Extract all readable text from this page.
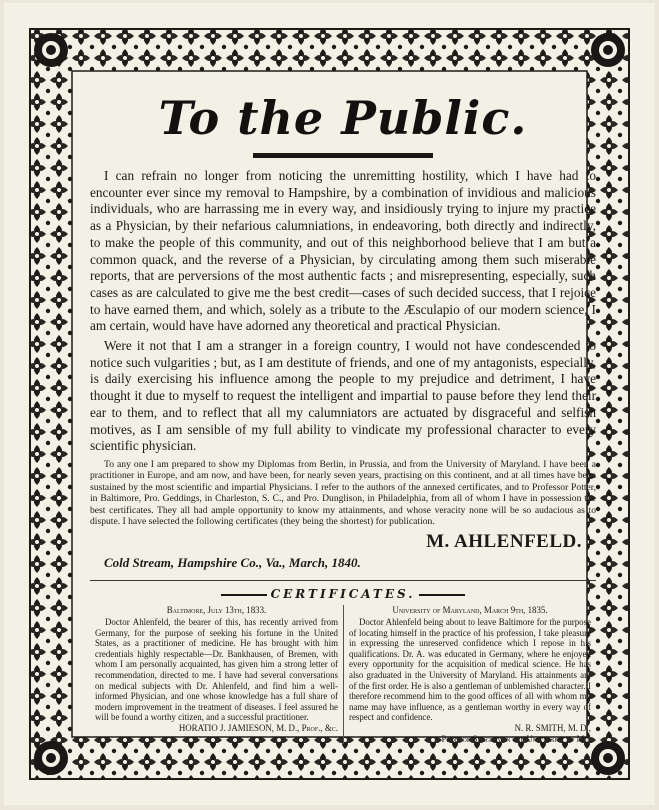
To the Public.

I can refrain no longer from noticing the unremitting hostility, which I have had to encounter ever since my removal to Hampshire, by a combination of invidious and malicious individuals, who are harrassing me in every way, and insidiously trying to injure my practice as a Physician, by their nefarious calumniations, in endeavoring, both directly and indirectly, to make the people of this community, and out of this neighborhood believe that I am but a common quack, and the reverse of a Physician, by circulating among them such miserable reports, that are perversions of the most authentic facts ; and misrepresenting, especially, such cases as are calculated to give me the best credit—cases of such decided success, that I rejoice to have earned them, and which, solely as a tribute to the Æsculapio of our modern science, I am certain, would have have adorned any theoretical and practical Physician.

Were it not that I am a stranger in a foreign country, I would not have condescended to notice such vulgarities ; but, as I am destitute of friends, and one of my antagonists, especially, is daily exercising his influence among the people to my prejudice and detriment, I have thought it due to myself to request the intelligent and impartial to pause before they lend their ear to them, and to reflect that all my calumniators are actuated by disgraceful and selfish motives, as I am sensible of my full ability to vindicate my professional character to every scientific physician.

To any one I am prepared to show my Diplomas from Berlin, in Prussia, and from the University of Maryland. I have been a practitioner in Europe, and am now, and have been, for nearly seven years, practising on this continent, and at all times have been sustained by the most scientific and impartial Physicians. I refer to the authors of the annexed certificates, and to Professor Potter, in Baltimore, Pro. Geddings, in Charleston, S. C., and Pro. Dunglison, in Philadelphia, from all of whom I have in possession the best certificates. They all had ample opportunity to know my attainments, and whose veracity none will be so audacious as to dispute. I have selected the following certificates (they being the shortest) for publication.

M. AHLENFELD.
Cold Stream, Hampshire Co., Va., March, 1840.
CERTIFICATES.
Baltimore, July 13th, 1833.

Doctor Ahlenfeld, the bearer of this, has recently arrived from Germany, for the purpose of seeking his fortune in the United States, as a practitioner of medicine. He has brought with him credentials highly respectable—Dr. Bankhausen, of Bremen, with whom I am personally acquainted, has given him a strong letter of recommendation, directed to me. I have had several conversations on medical subjects with Dr. Ahlenfeld, and find him a well-informed Physician, and one whose knowledge has a full share of modern improvement in the treatment of diseases. I feel assured he will be found a worthy citizen, and a successful practitioner.

HORATIO J. JAMIESON, M. D., Prof., &c.
University of Maryland, March 9th, 1835.

Doctor Ahlenfeld being about to leave Baltimore for the purpose of locating himself in the practice of his profession, I take pleasure in expressing the unreserved confidence which I repose in his qualifications. Dr. A. was educated in Germany, where he enjoyed every opportunity for the acquisition of medical science. He has also graduated in the University of Maryland. His attainments are of the first order. He is also a gentleman of unblemished character. I therefore recommend him to the good offices of all with whom my name may have influence, as a gentleman worthy in every way of respect and confidence.

N. R. SMITH, M. D.,
Prof. of Surgery in the University of Md.
